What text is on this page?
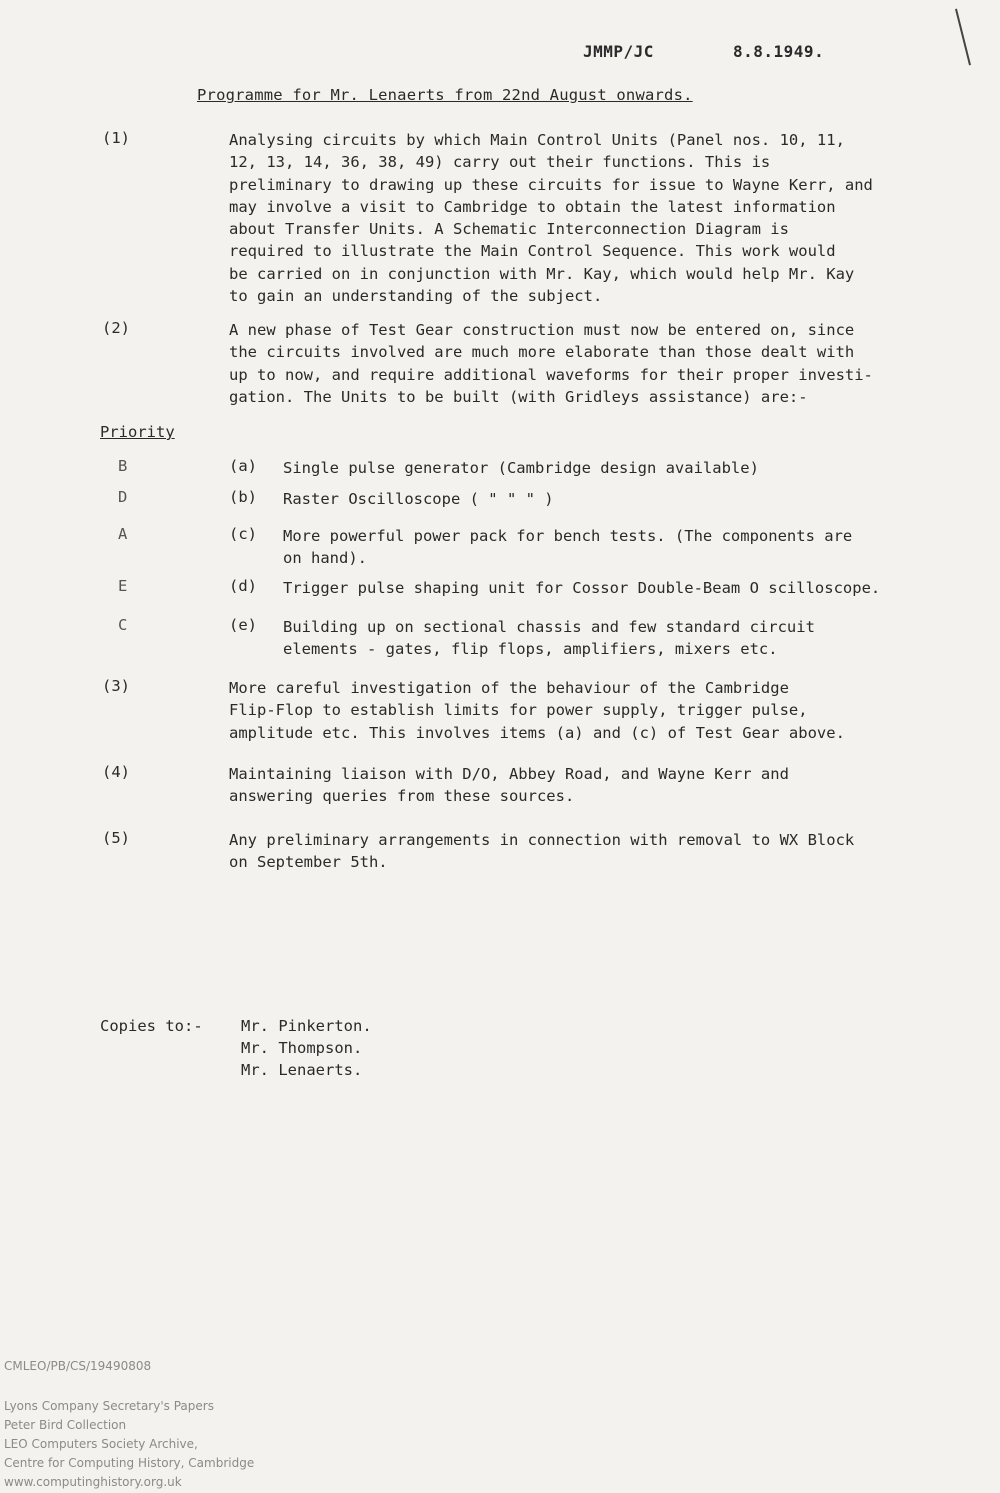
JMMP/JC	8.8.1949.
Programme for Mr. Lenaerts from 22nd August onwards.
(1)	Analysing circuits by which Main Control Units (Panel nos. 10, 11,
12, 13, 14, 36, 38, 49) carry out their functions. This is
preliminary to drawing up these circuits for issue to Wayne Kerr, and
may involve a visit to Cambridge to obtain the latest information
about Transfer Units. A Schematic Interconnection Diagram is
required to illustrate the Main Control Sequence. This work would
be carried on in conjunction with Mr. Kay, which would help Mr. Kay
to gain an understanding of the subject.
(2)	A new phase of Test Gear construction must now be entered on, since
the circuits involved are much more elaborate than those dealt with
up to now, and require additional waveforms for their proper investi-
gation. The Units to be built (with Gridleys assistance) are:-
Priority
B	(a) Single pulse generator (Cambridge design available)
D	(b) Raster Oscilloscope ( " " " )
A	(c) More powerful power pack for bench tests. (The components are
on hand).
E	(d) Trigger pulse shaping unit for Cossor Double-Beam O scilloscope.
C	(e) Building up on sectional chassis and few standard circuit
elements - gates, flip flops, amplifiers, mixers etc.
(3)	More careful investigation of the behaviour of the Cambridge
Flip-Flop to establish limits for power supply, trigger pulse,
amplitude etc. This involves items (a) and (c) of Test Gear above.
(4)	Maintaining liaison with D/O, Abbey Road, and Wayne Kerr and
answering queries from these sources.
(5)	Any preliminary arrangements in connection with removal to WX Block
on September 5th.
Copies to:- Mr. Pinkerton.
Mr. Thompson.
Mr. Lenaerts.
CMLEO/PB/CS/19490808
Lyons Company Secretary's Papers
Peter Bird Collection
LEO Computers Society Archive,
Centre for Computing History, Cambridge
www.computinghistory.org.uk
